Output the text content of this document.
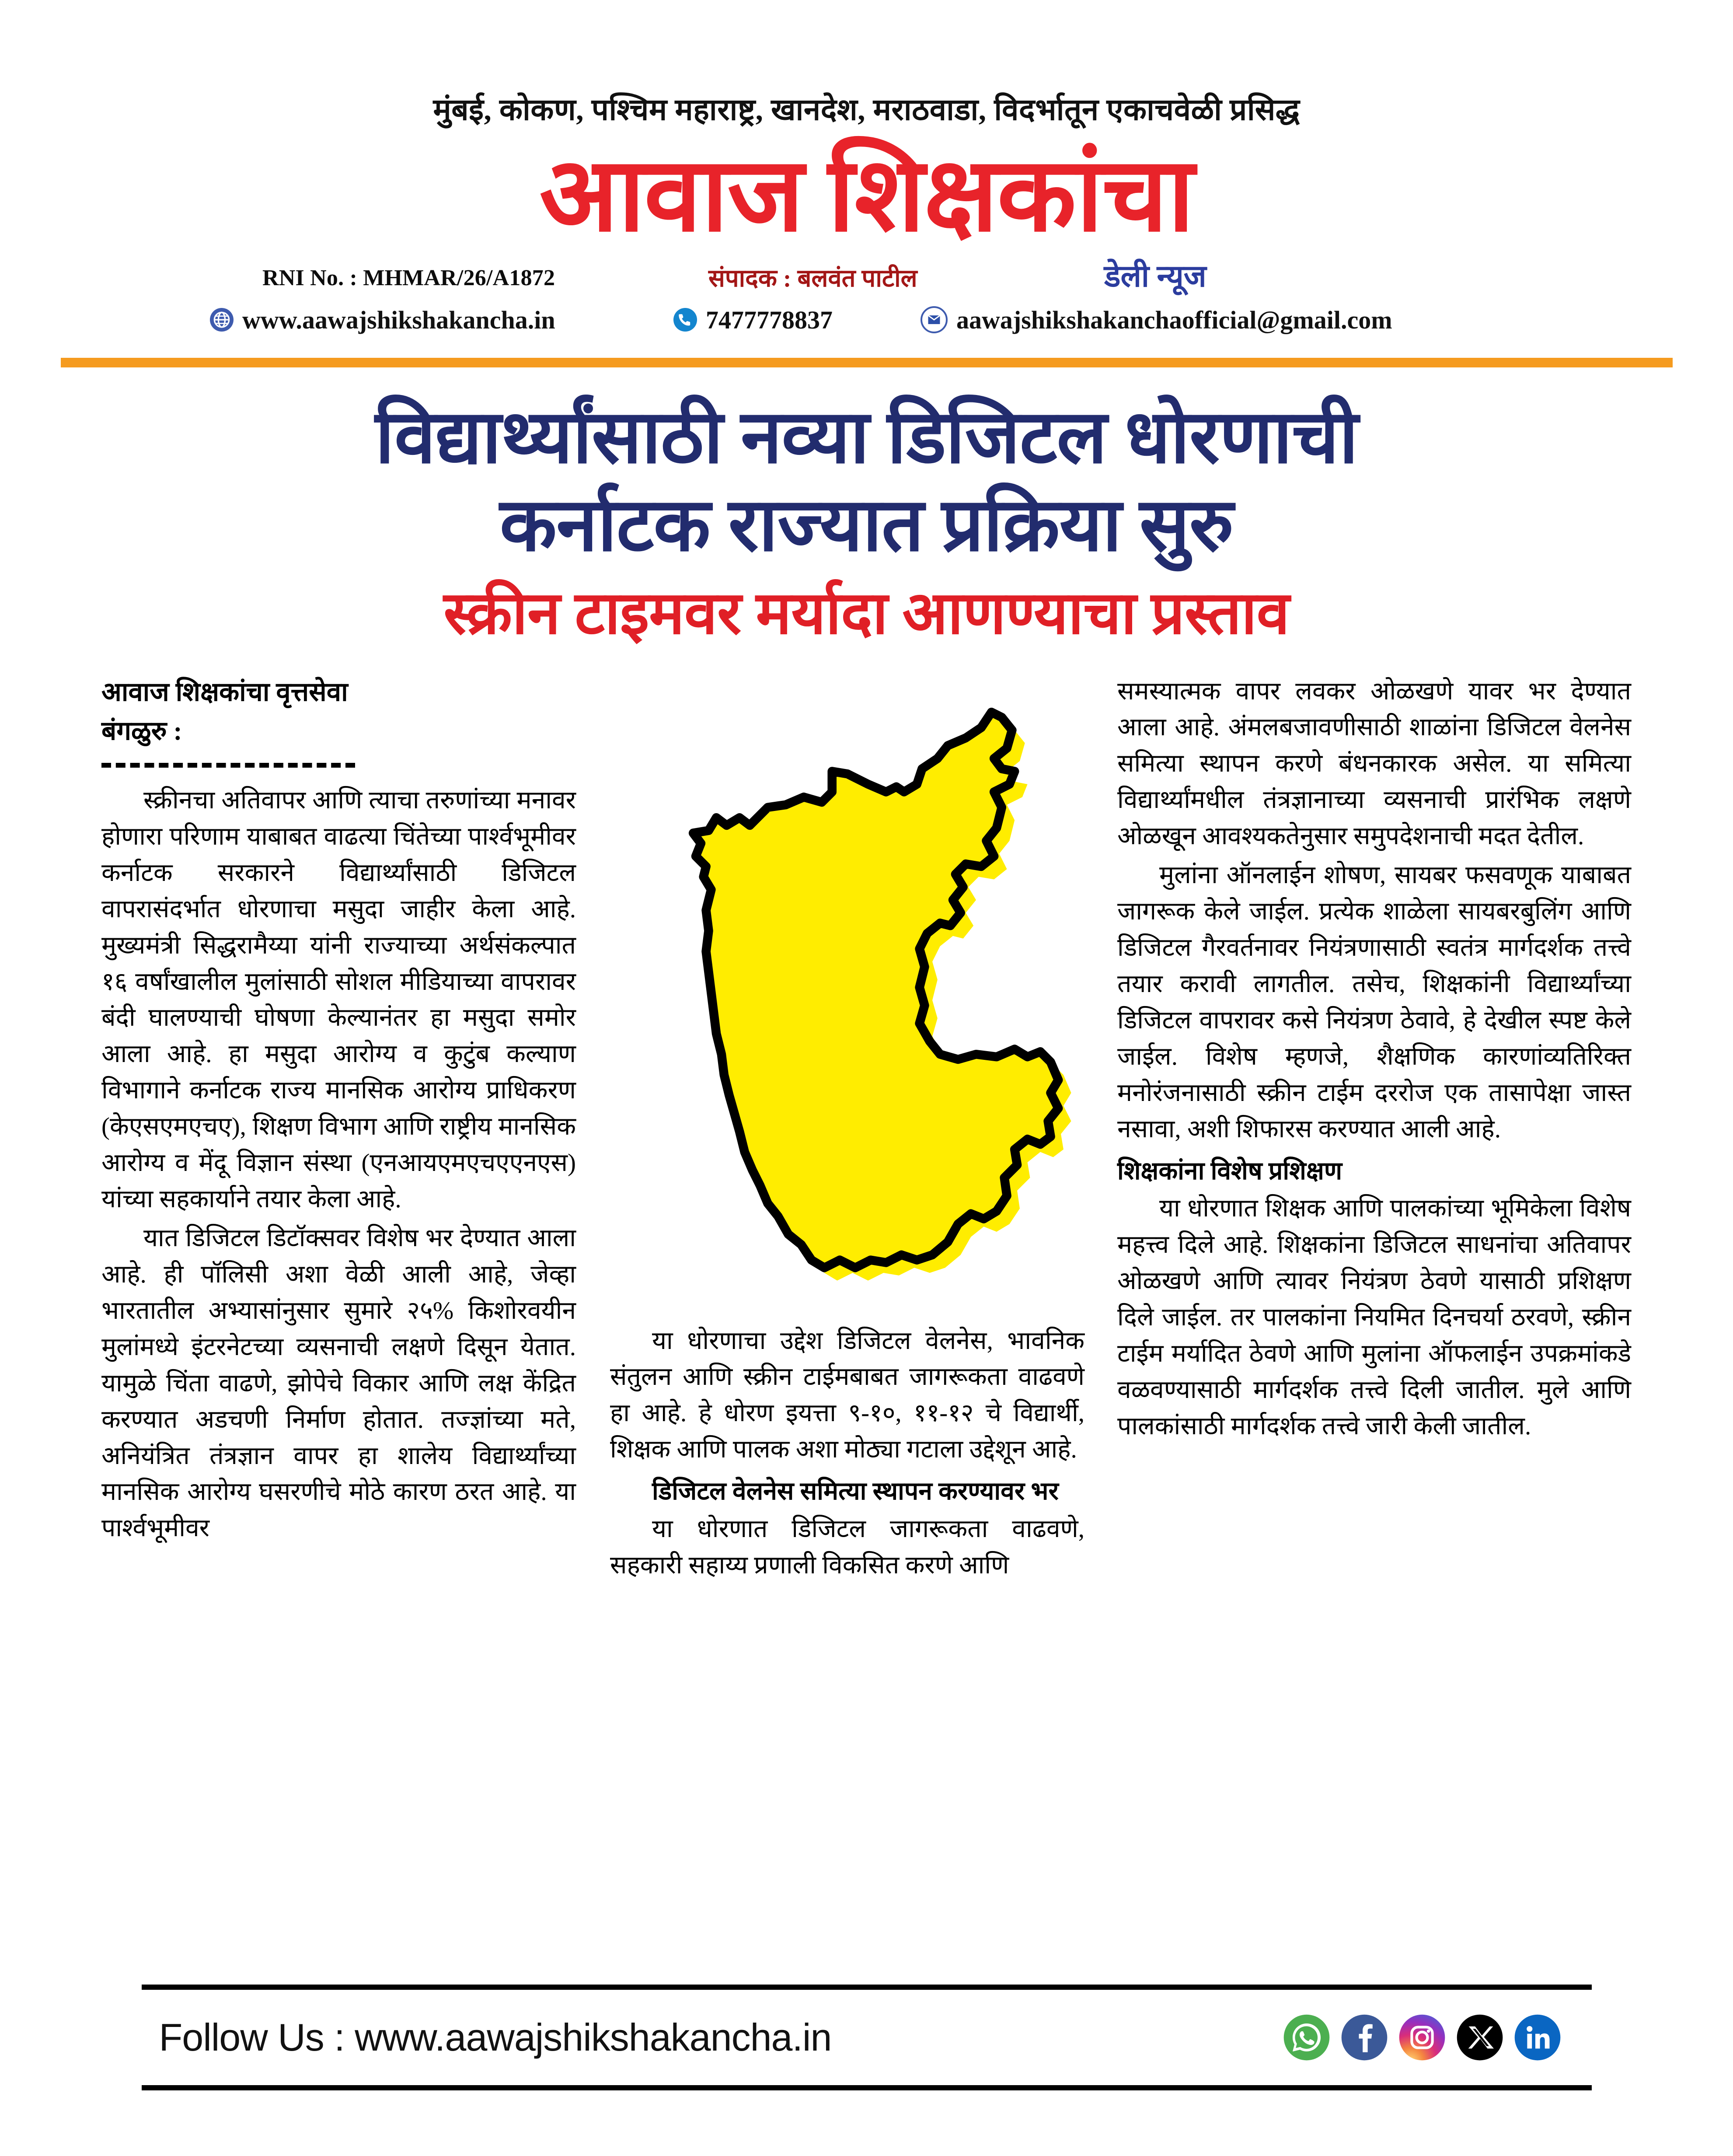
मुंबई, कोकण, पश्चिम महाराष्ट्र, खानदेश, मराठवाडा, विदर्भातून एकाचवेळी प्रसिद्ध
आवाज शिक्षकांचा
RNI No. : MHMAR/26/A1872	संपादक : बलवंत पाटील	डेली न्यूज
www.aawajshikshakancha.in	7477778837	aawajshikshakanchaofficial@gmail.com
विद्यार्थ्यांसाठी नव्या डिजिटल धोरणाची
कर्नाटक राज्यात प्रक्रिया सुरु
स्क्रीन टाइमवर मर्यादा आणण्याचा प्रस्ताव
आवाज शिक्षकांचा वृत्तसेवा
बंगळुरु :

स्क्रीनचा अतिवापर आणि त्याचा तरुणांच्या मनावर होणारा परिणाम याबाबत वाढत्या चिंतेच्या पार्श्वभूमीवर कर्नाटक सरकारने विद्यार्थ्यांसाठी डिजिटल वापरासंदर्भात धोरणाचा मसुदा जाहीर केला आहे. मुख्यमंत्री सिद्धरामैय्या यांनी राज्याच्या अर्थसंकल्पात १६ वर्षांखालील मुलांसाठी सोशल मीडियाच्या वापरावर बंदी घालण्याची घोषणा केल्यानंतर हा मसुदा समोर आला आहे. हा मसुदा आरोग्य व कुटुंब कल्याण विभागाने कर्नाटक राज्य मानसिक आरोग्य प्राधिकरण (केएसएमएचए), शिक्षण विभाग आणि राष्ट्रीय मानसिक आरोग्य व मेंदू विज्ञान संस्था (एनआयएमएचएएनएस) यांच्या सहकार्याने तयार केला आहे.

यात डिजिटल डिटॉक्सवर विशेष भर देण्यात आला आहे. ही पॉलिसी अशा वेळी आली आहे, जेव्हा भारतातील अभ्यासांनुसार सुमारे २५% किशोरवयीन मुलांमध्ये इंटरनेटच्या व्यसनाची लक्षणे दिसून येतात. यामुळे चिंता वाढणे, झोपेचे विकार आणि लक्ष केंद्रित करण्यात अडचणी निर्माण होतात. तज्ज्ञांच्या मते, अनियंत्रित तंत्रज्ञान वापर हा शालेय विद्यार्थ्यांच्या मानसिक आरोग्य घसरणीचे मोठे कारण ठरत आहे. या पार्श्वभूमीवर

या धोरणाचा उद्देश डिजिटल वेलनेस, भावनिक संतुलन आणि स्क्रीन टाईमबाबत जागरूकता वाढवणे हा आहे. हे धोरण इयत्ता ९-१०, ११-१२ चे विद्यार्थी, शिक्षक आणि पालक अशा मोठ्या गटाला उद्देशून आहे.

डिजिटल वेलनेस समित्या स्थापन करण्यावर भर

या धोरणात डिजिटल जागरूकता वाढवणे, सहकारी सहाय्य प्रणाली विकसित करणे आणि

समस्यात्मक वापर लवकर ओळखणे यावर भर देण्यात आला आहे. अंमलबजावणीसाठी शाळांना डिजिटल वेलनेस समित्या स्थापन करणे बंधनकारक असेल. या समित्या विद्यार्थ्यांमधील तंत्रज्ञानाच्या व्यसनाची प्रारंभिक लक्षणे ओळखून आवश्यकतेनुसार समुपदेशनाची मदत देतील.

मुलांना ऑनलाईन शोषण, सायबर फसवणूक याबाबत जागरूक केले जाईल. प्रत्येक शाळेला सायबरबुलिंग आणि डिजिटल गैरवर्तनावर नियंत्रणासाठी स्वतंत्र मार्गदर्शक तत्त्वे तयार करावी लागतील. तसेच, शिक्षकांनी विद्यार्थ्यांच्या डिजिटल वापरावर कसे नियंत्रण ठेवावे, हे देखील स्पष्ट केले जाईल. विशेष म्हणजे, शैक्षणिक कारणांव्यतिरिक्त मनोरंजनासाठी स्क्रीन टाईम दररोज एक तासापेक्षा जास्त नसावा, अशी शिफारस करण्यात आली आहे.

शिक्षकांना विशेष प्रशिक्षण

या धोरणात शिक्षक आणि पालकांच्या भूमिकेला विशेष महत्त्व दिले आहे. शिक्षकांना डिजिटल साधनांचा अतिवापर ओळखणे आणि त्यावर नियंत्रण ठेवणे यासाठी प्रशिक्षण दिले जाईल. तर पालकांना नियमित दिनचर्या ठरवणे, स्क्रीन टाईम मर्यादित ठेवणे आणि मुलांना ऑफलाईन उपक्रमांकडे वळवण्यासाठी मार्गदर्शक तत्त्वे दिली जातील. मुले आणि पालकांसाठी मार्गदर्शक तत्त्वे जारी केली जातील.

Follow Us : www.aawajshikshakancha.in
